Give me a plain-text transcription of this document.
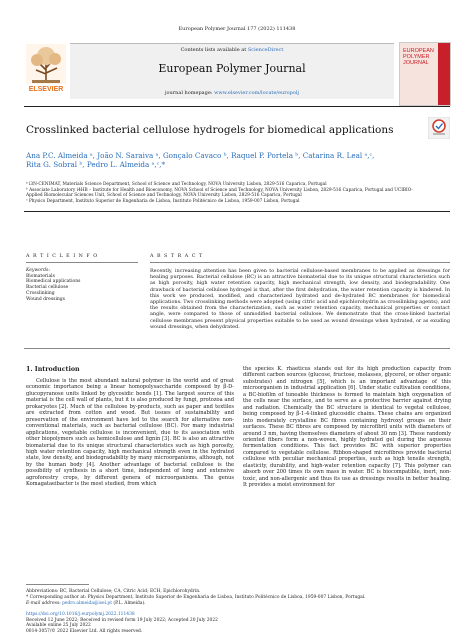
European Polymer Journal 177 (2022) 111438
Contents lists available at ScienceDirect
European Polymer Journal
journal homepage: www.elsevier.com/locate/europolj
ELSEVIER
EUROPEAN POLYMER JOURNAL
Crosslinked bacterial cellulose hydrogels for biomedical applications
Ana P.C. Almeida ᵃ, João N. Saraiva ᵃ, Gonçalo Cavaco ᵇ, Raquel P. Portela ᵇ, Catarina R. Leal ᵃ,ᶜ,
Rita G. Sobral ᵇ, Pedro L. Almeida ᵃ,ᶜ,*
ᵃ i3N-CENIMAT, Materials Science Department, School of Science and Technology, NOVA University Lisbon, 2829-516 Caparica, Portugal
ᵇ Associate Laboratory i4HB – Institute for Health and Bioeconomy, NOVA School of Science and Technology, NOVA University Lisbon, 2829-516 Caparica, Portugal and UCIBIO-
Applied Biomolecular Sciences Unit, School of Science and Technology, NOVA University Lisbon, 2829-516 Caparica, Portugal
ᶜ Physics Department, Instituto Superior de Engenharia de Lisboa, Instituto Politécnico de Lisboa, 1959-007 Lisbon, Portugal
A R T I C L E I N F O	A B S T R A C T
Keywords:
Biomaterials
Biomedical applications
Bacterial cellulose
Crosslinking
Wound dressings
Recently, increasing attention has been given to bacterial cellulose-based membranes to be applied as dressings for healing purposes. Bacterial cellulose (BC) is an attractive biomaterial due to its unique structural characteristics such as high porosity, high water retention capacity, high mechanical strength, low density, and biodegradability. One drawback of bacterial cellulose hydrogel is that, after the first dehydration, the water retention capacity is hindered. In this work we produced, modified, and characterized hydrated and de-hydrated BC membranes for biomedical applications. Two crosslinking methods were adopted (using citric acid and epichlorohydrin as crosslinking agents), and the results obtained from the characterization, such as water retention capacity, mechanical properties or contact angle, were compared to those of unmodified bacterial cellulose. We demonstrate that the cross-linked bacterial cellulose membranes present physical properties suitable to be used as wound dressings when hydrated, or as exuding wound dressings, when dehydrated.
1. Introduction

Cellulose is the most abundant natural polymer in the world and of great economic importance being a linear homopolysaccharide composed by β-D-glucopyranose units linked by glycosidic bonds [1]. The largest source of this material is the cell wall of plants, but it is also produced by fungi, protozoa and prokaryotes [2]. Much of the cellulose by-products, such as paper and textiles are extracted from cotton and wood. But issues of sustainability and preservation of the environment have led to the search for alternative non-conventional materials, such as bacterial cellulose (BC). For many industrial applications, vegetable cellulose is inconvenient, due to its association with other biopolymers such as hemicellulose and lignin [3]. BC is also an attractive biomaterial due to its unique structural characteristics such as high porosity, high water retention capacity, high mechanical strength even in the hydrated state, low density, and biodegradability by many microorganisms, although, not by the human body [4]. Another advantage of bacterial cellulose is the possibility of synthesis in a short time, independent of long and extensive agroforestry crops, by different genera of microorganisms. The genus Komagataeibacter is the most studied, from which

the species K. rhaeticus stands out for its high production capacity from different carbon sources (glucose, fructose, molasses, glycerol, or other organic substrates) and nitrogen [5], which is an important advantage of this microorganism in industrial application [6]. Under static cultivation conditions, a BC-biofilm of tuneable thickness is formed to maintain high oxygenation of the cells near the surface, and to serve as a protective barrier against drying and radiation. Chemically the BC structure is identical to vegetal cellulose, being composed by β-1-4-linked glucosidic chains. These chains are organized into moderately crystalline BC fibres containing hydroxyl groups on their surfaces. These BC fibres are composed by microfibril units with diameters of around 3 nm, having themselves diameters of about 30 nm [3]. These randomly oriented fibers form a non-woven, highly hydrated gel during the aqueous fermentation conditions. This fact provides BC with superior properties compared to vegetable cellulose. Ribbon-shaped microfibres provide bacterial cellulose with peculiar mechanical properties, such as high tensile strength, elasticity, durability, and high-water retention capacity [7]. This polymer can absorb over 200 times its own mass in water. BC is biocompatible, inert, non-toxic, and non-allergenic and thus its use as dressings results in better healing. It provides a moist environment for

Abbreviations: BC, Bacterial Cellulose; CA, Citric Acid; ECH, Epichlorohydrin.
* Corresponding author at: Physics Department, Instituto Superior de Engenharia de Lisboa, Instituto Politécnico de Lisboa, 1959-007 Lisbon, Portugal.
E-mail address: pedro.almeida@isel.pt (P.L. Almeida).
https://doi.org/10.1016/j.eurpolymj.2022.111438
Received 12 June 2022; Received in revised form 19 July 2022; Accepted 20 July 2022
Available online 25 July 2022
0014-3057/© 2022 Elsevier Ltd. All rights reserved.
